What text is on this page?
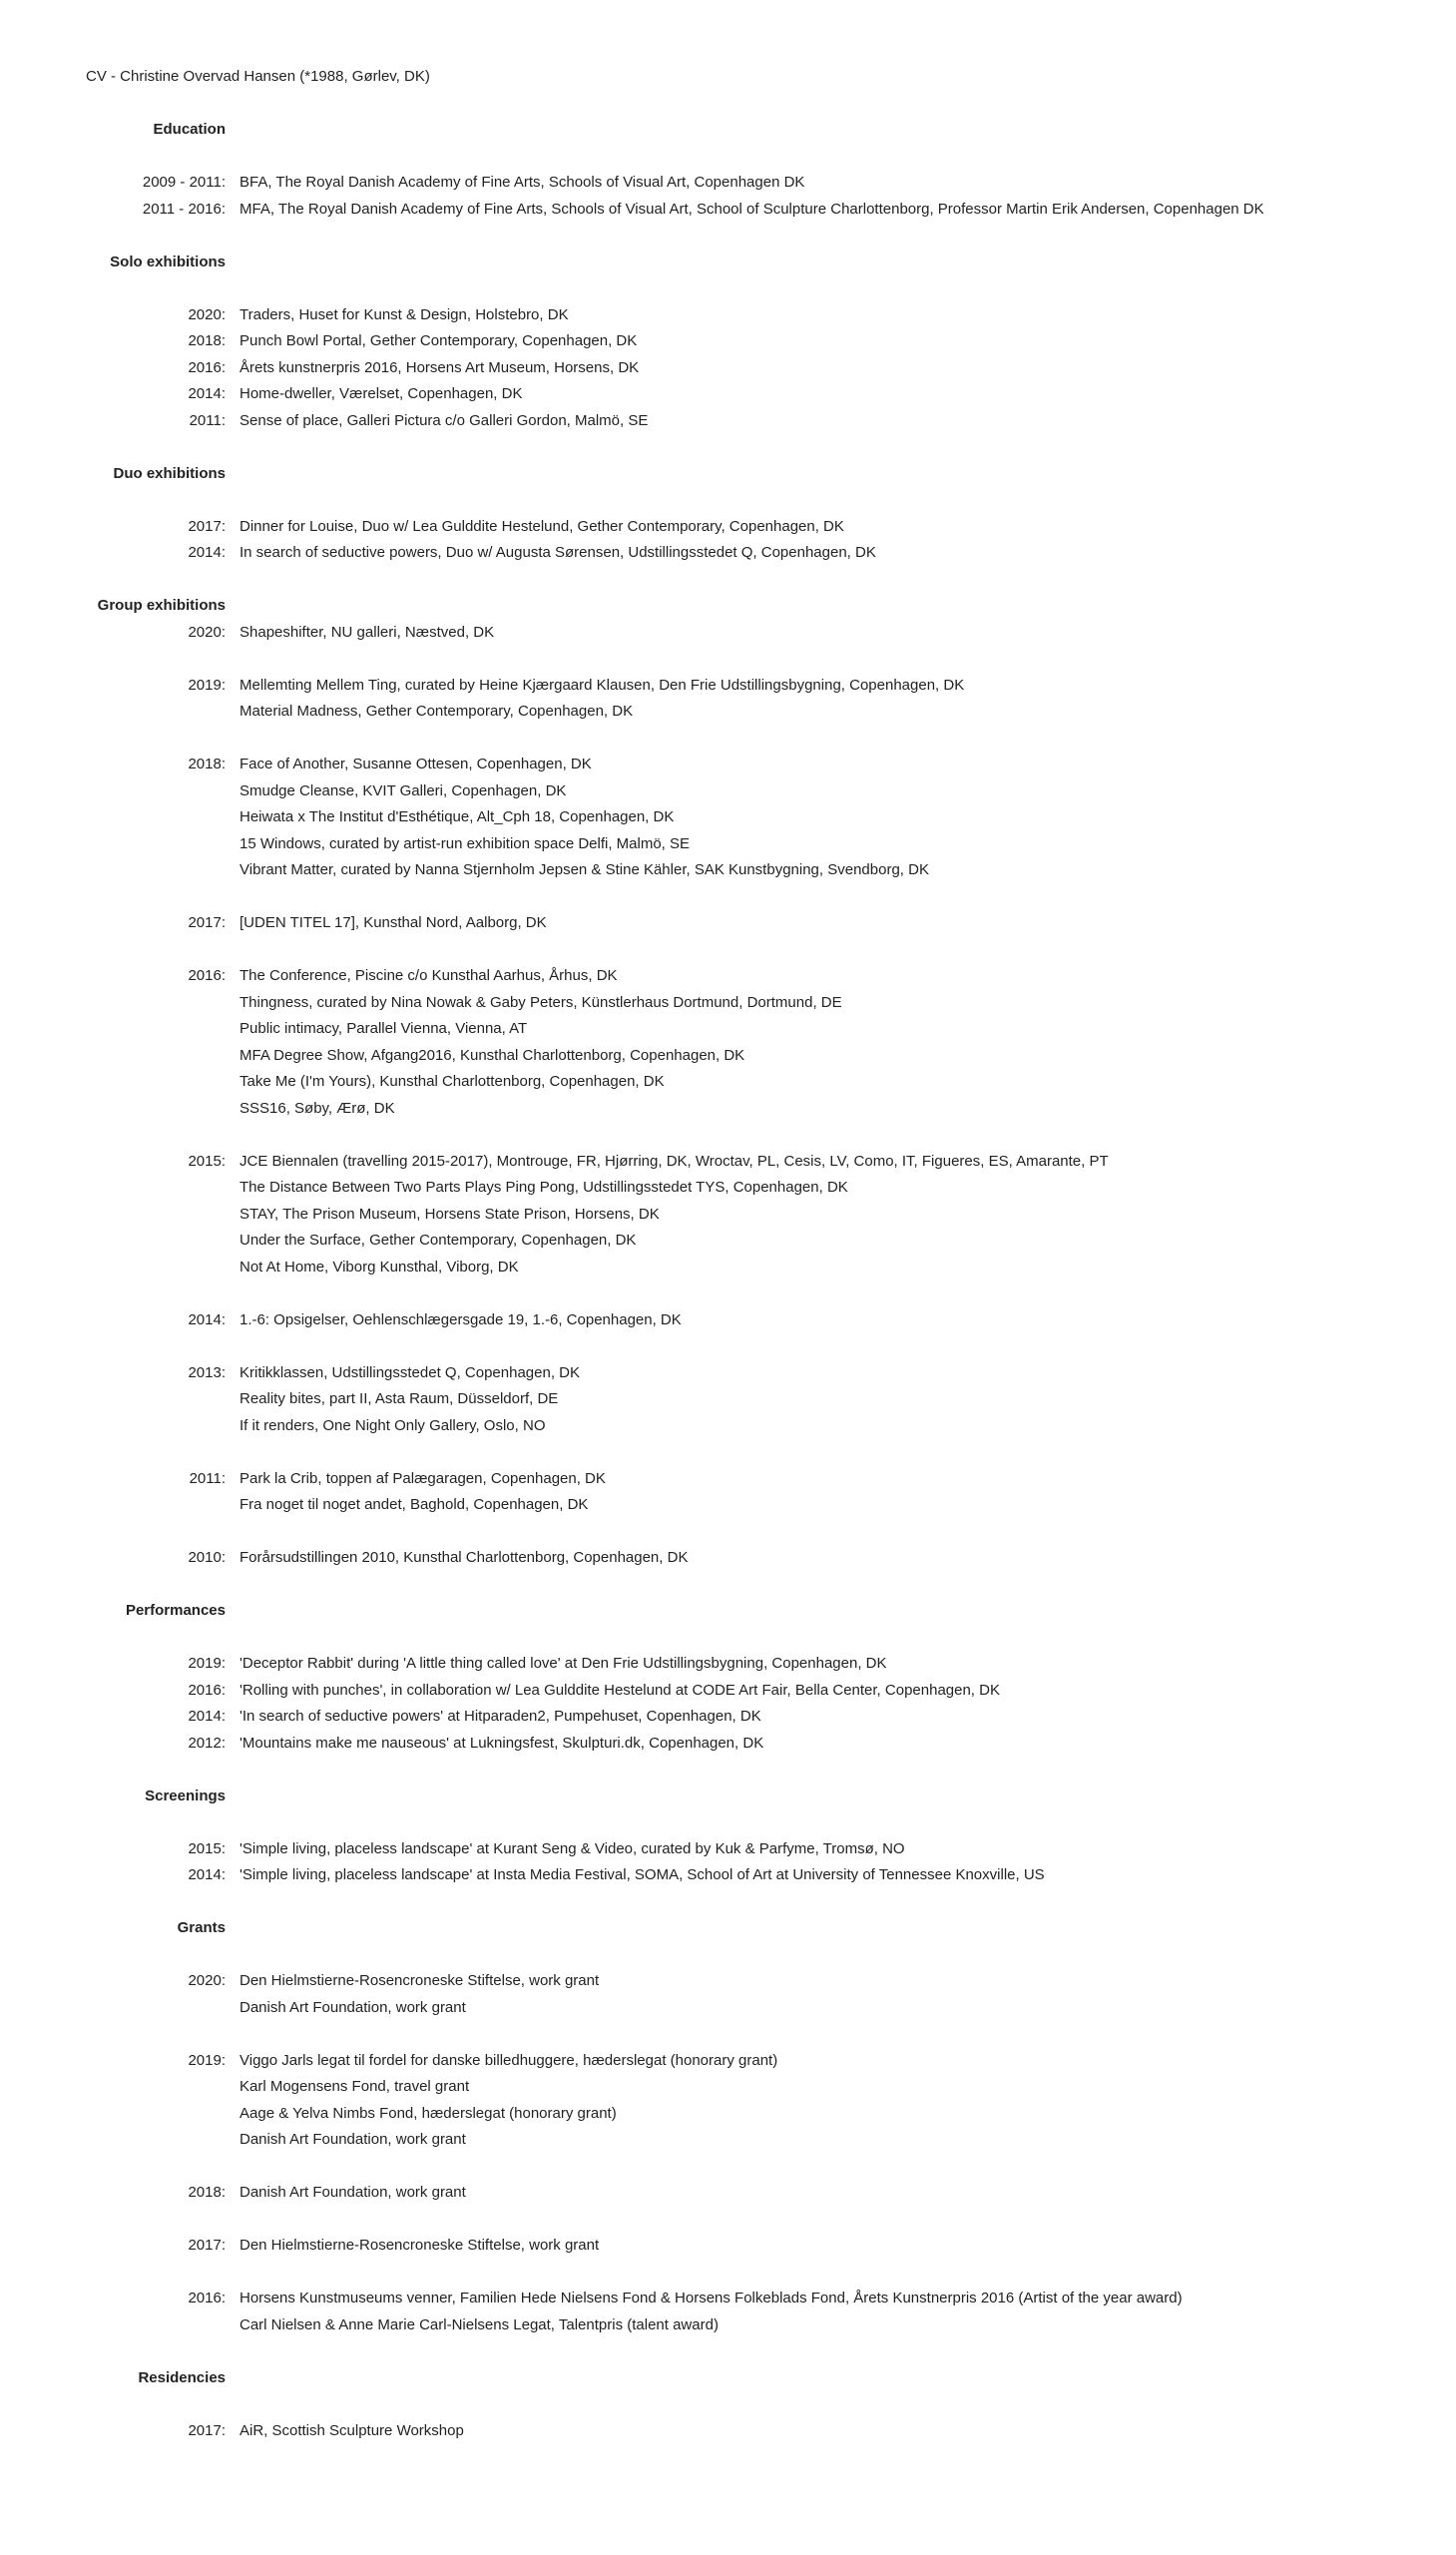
CV - Christine Overvad Hansen (*1988, Gørlev, DK)
Education
2009 - 2011: BFA, The Royal Danish Academy of Fine Arts, Schools of Visual Art, Copenhagen DK
2011 - 2016: MFA, The Royal Danish Academy of Fine Arts, Schools of Visual Art, School of Sculpture Charlottenborg, Professor Martin Erik Andersen, Copenhagen DK
Solo exhibitions
2020: Traders, Huset for Kunst & Design, Holstebro, DK
2018: Punch Bowl Portal, Gether Contemporary, Copenhagen, DK
2016: Årets kunstnerpris 2016, Horsens Art Museum, Horsens, DK
2014: Home-dweller, Værelset, Copenhagen, DK
2011: Sense of place, Galleri Pictura c/o Galleri Gordon, Malmö, SE
Duo exhibitions
2017: Dinner for Louise, Duo w/ Lea Gulddite Hestelund, Gether Contemporary, Copenhagen, DK
2014: In search of seductive powers, Duo w/ Augusta Sørensen, Udstillingsstedet Q, Copenhagen, DK
Group exhibitions
2020: Shapeshifter, NU galleri, Næstved, DK
2019: Mellemting Mellem Ting, curated by Heine Kjærgaard Klausen, Den Frie Udstillingsbygning, Copenhagen, DK
Material Madness, Gether Contemporary, Copenhagen, DK
2018: Face of Another, Susanne Ottesen, Copenhagen, DK
Smudge Cleanse, KVIT Galleri, Copenhagen, DK
Heiwata x The Institut d'Esthétique, Alt_Cph 18, Copenhagen, DK
15 Windows, curated by artist-run exhibition space Delfi, Malmö, SE
Vibrant Matter, curated by Nanna Stjernholm Jepsen & Stine Kähler, SAK Kunstbygning, Svendborg, DK
2017: [UDEN TITEL 17], Kunsthal Nord, Aalborg, DK
2016: The Conference, Piscine c/o Kunsthal Aarhus, Århus, DK
Thingness, curated by Nina Nowak & Gaby Peters, Künstlerhaus Dortmund, Dortmund, DE
Public intimacy, Parallel Vienna, Vienna, AT
MFA Degree Show, Afgang2016, Kunsthal Charlottenborg, Copenhagen, DK
Take Me (I'm Yours), Kunsthal Charlottenborg, Copenhagen, DK
SSS16, Søby, Ærø, DK
2015: JCE Biennalen (travelling 2015-2017), Montrouge, FR, Hjørring, DK, Wroctav, PL, Cesis, LV, Como, IT, Figueres, ES, Amarante, PT
The Distance Between Two Parts Plays Ping Pong, Udstillingsstedet TYS, Copenhagen, DK
STAY, The Prison Museum, Horsens State Prison, Horsens, DK
Under the Surface, Gether Contemporary, Copenhagen, DK
Not At Home, Viborg Kunsthal, Viborg, DK
2014: 1.-6: Opsigelser, Oehlenschlægersgade 19, 1.-6, Copenhagen, DK
2013: Kritikklassen, Udstillingsstedet Q, Copenhagen, DK
Reality bites, part II, Asta Raum, Düsseldorf, DE
If it renders, One Night Only Gallery, Oslo, NO
2011: Park la Crib, toppen af Palægaragen, Copenhagen, DK
Fra noget til noget andet, Baghold, Copenhagen, DK
2010: Forårsudstillingen 2010, Kunsthal Charlottenborg, Copenhagen, DK
Performances
2019: 'Deceptor Rabbit' during 'A little thing called love' at Den Frie Udstillingsbygning, Copenhagen, DK
2016: 'Rolling with punches', in collaboration w/ Lea Gulddite Hestelund at CODE Art Fair, Bella Center, Copenhagen, DK
2014: 'In search of seductive powers' at Hitparaden2, Pumpehuset, Copenhagen, DK
2012: 'Mountains make me nauseous' at Lukningsfest, Skulpturi.dk, Copenhagen, DK
Screenings
2015: 'Simple living, placeless landscape' at Kurant Seng & Video, curated by Kuk & Parfyme, Tromsø, NO
2014: 'Simple living, placeless landscape' at Insta Media Festival, SOMA, School of Art at University of Tennessee Knoxville, US
Grants
2020: Den Hielmstierne-Rosencroneske Stiftelse, work grant
Danish Art Foundation, work grant
2019: Viggo Jarls legat til fordel for danske billedhuggere, hæderslegat (honorary grant)
Karl Mogensens Fond, travel grant
Aage & Yelva Nimbs Fond, hæderslegat (honorary grant)
Danish Art Foundation, work grant
2018: Danish Art Foundation, work grant
2017: Den Hielmstierne-Rosencroneske Stiftelse, work grant
2016: Horsens Kunstmuseums venner, Familien Hede Nielsens Fond & Horsens Folkeblads Fond, Årets Kunstnerpris 2016 (Artist of the year award)
Carl Nielsen & Anne Marie Carl-Nielsens Legat, Talentpris (talent award)
Residencies
2017: AiR, Scottish Sculpture Workshop
